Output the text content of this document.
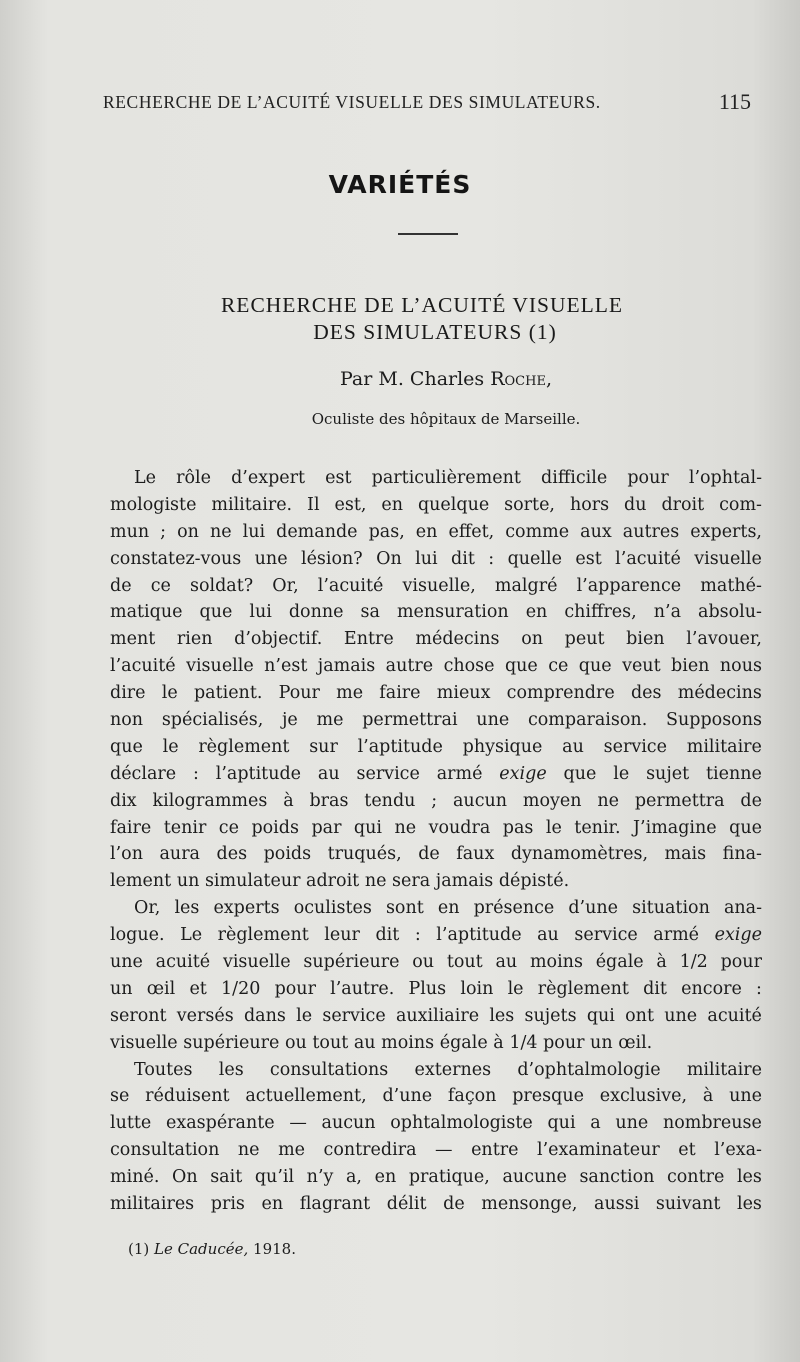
RECHERCHE DE L’ACUITÉ VISUELLE DES SIMULATEURS.	115
VARIÉTÉS
RECHERCHE DE L’ACUITÉ VISUELLE
DES SIMULATEURS (1)
Par M. Charles Roche,
Oculiste des hôpitaux de Marseille.
Le rôle d’expert est particulièrement difficile pour l’ophtal-
mologiste militaire. Il est, en quelque sorte, hors du droit com-
mun ; on ne lui demande pas, en effet, comme aux autres experts,
constatez-vous une lésion? On lui dit : quelle est l’acuité visuelle
de ce soldat? Or, l’acuité visuelle, malgré l’apparence mathé-
matique que lui donne sa mensuration en chiffres, n’a absolu-
ment rien d’objectif. Entre médecins on peut bien l’avouer,
l’acuité visuelle n’est jamais autre chose que ce que veut bien nous
dire le patient. Pour me faire mieux comprendre des médecins
non spécialisés, je me permettrai une comparaison. Supposons
que le règlement sur l’aptitude physique au service militaire
déclare : l’aptitude au service armé exige que le sujet tienne
dix kilogrammes à bras tendu ; aucun moyen ne permettra de
faire tenir ce poids par qui ne voudra pas le tenir. J’imagine que
l’on aura des poids truqués, de faux dynamomètres, mais fina-
lement un simulateur adroit ne sera jamais dépisté.
Or, les experts oculistes sont en présence d’une situation ana-
logue. Le règlement leur dit : l’aptitude au service armé exige
une acuité visuelle supérieure ou tout au moins égale à 1/2 pour
un œil et 1/20 pour l’autre. Plus loin le règlement dit encore :
seront versés dans le service auxiliaire les sujets qui ont une acuité
visuelle supérieure ou tout au moins égale à 1/4 pour un œil.
Toutes les consultations externes d’ophtalmologie militaire
se réduisent actuellement, d’une façon presque exclusive, à une
lutte exaspérante — aucun ophtalmologiste qui a une nombreuse
consultation ne me contredira — entre l’examinateur et l’exa-
miné. On sait qu’il n’y a, en pratique, aucune sanction contre les
militaires pris en flagrant délit de mensonge, aussi suivant les
(1) Le Caducée, 1918.
